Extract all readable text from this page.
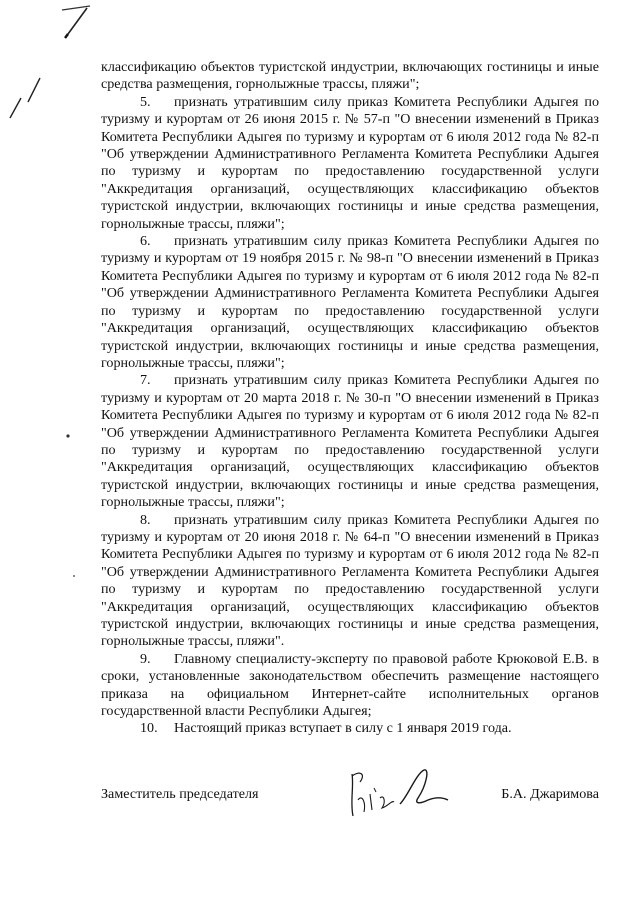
классификацию объектов туристской индустрии, включающих гостиницы и иные средства размещения, горнолыжные трассы, пляжи";

5. признать утратившим силу приказ Комитета Республики Адыгея по туризму и курортам от 26 июня 2015 г. № 57-п "О внесении изменений в Приказ Комитета Республики Адыгея по туризму и курортам от 6 июля 2012 года № 82-п "Об утверждении Административного Регламента Комитета Республики Адыгея по туризму и курортам по предоставлению государственной услуги "Аккредитация организаций, осуществляющих классификацию объектов туристской индустрии, включающих гостиницы и иные средства размещения, горнолыжные трассы, пляжи";

6. признать утратившим силу приказ Комитета Республики Адыгея по туризму и курортам от 19 ноября 2015 г. № 98-п "О внесении изменений в Приказ Комитета Республики Адыгея по туризму и курортам от 6 июля 2012 года № 82-п "Об утверждении Административного Регламента Комитета Республики Адыгея по туризму и курортам по предоставлению государственной услуги "Аккредитация организаций, осуществляющих классификацию объектов туристской индустрии, включающих гостиницы и иные средства размещения, горнолыжные трассы, пляжи";

7. признать утратившим силу приказ Комитета Республики Адыгея по туризму и курортам от 20 марта 2018 г. № 30-п "О внесении изменений в Приказ Комитета Республики Адыгея по туризму и курортам от 6 июля 2012 года № 82-п "Об утверждении Административного Регламента Комитета Республики Адыгея по туризму и курортам по предоставлению государственной услуги "Аккредитация организаций, осуществляющих классификацию объектов туристской индустрии, включающих гостиницы и иные средства размещения, горнолыжные трассы, пляжи";

8. признать утратившим силу приказ Комитета Республики Адыгея по туризму и курортам от 20 июня 2018 г. № 64-п "О внесении изменений в Приказ Комитета Республики Адыгея по туризму и курортам от 6 июля 2012 года № 82-п "Об утверждении Административного Регламента Комитета Республики Адыгея по туризму и курортам по предоставлению государственной услуги "Аккредитация организаций, осуществляющих классификацию объектов туристской индустрии, включающих гостиницы и иные средства размещения, горнолыжные трассы, пляжи".

9. Главному специалисту-эксперту по правовой работе Крюковой Е.В. в сроки, установленные законодательством обеспечить размещение настоящего приказа на официальном Интернет-сайте исполнительных органов государственной власти Республики Адыгея;

10. Настоящий приказ вступает в силу с 1 января 2019 года.

Заместитель председателя	Б.А. Джаримова
